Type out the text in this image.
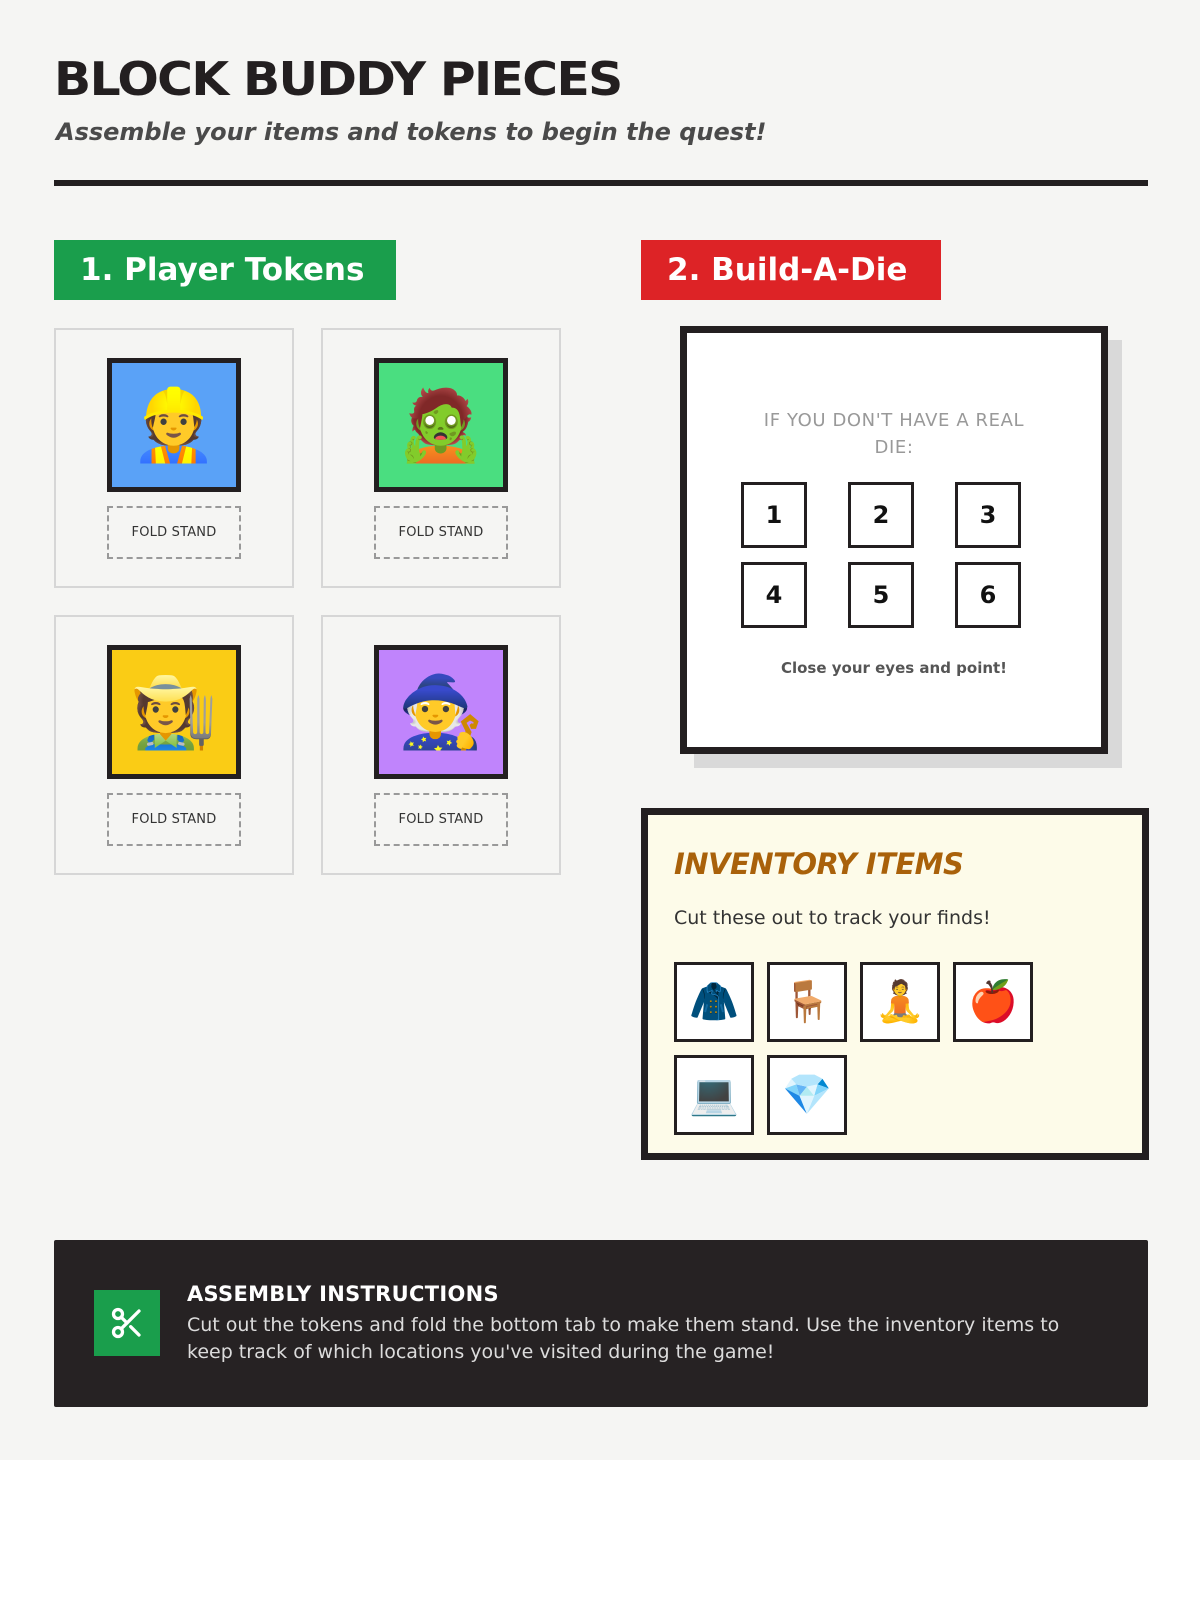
BLOCK BUDDY PIECES
Assemble your items and tokens to begin the quest!
1. Player Tokens
👷
FOLD STAND
🧟
FOLD STAND
🧑‍🌾
FOLD STAND
🧙
FOLD STAND
2. Build-A-Die
IF YOU DON'T HAVE A REAL DIE:
1	2	3
4	5	6
Close your eyes and point!
INVENTORY ITEMS
Cut these out to track your finds!
🧥 🪑 🧘 🍎
💻 💎
ASSEMBLY INSTRUCTIONS
Cut out the tokens and fold the bottom tab to make them stand. Use the inventory items to keep track of which locations you've visited during the game!
